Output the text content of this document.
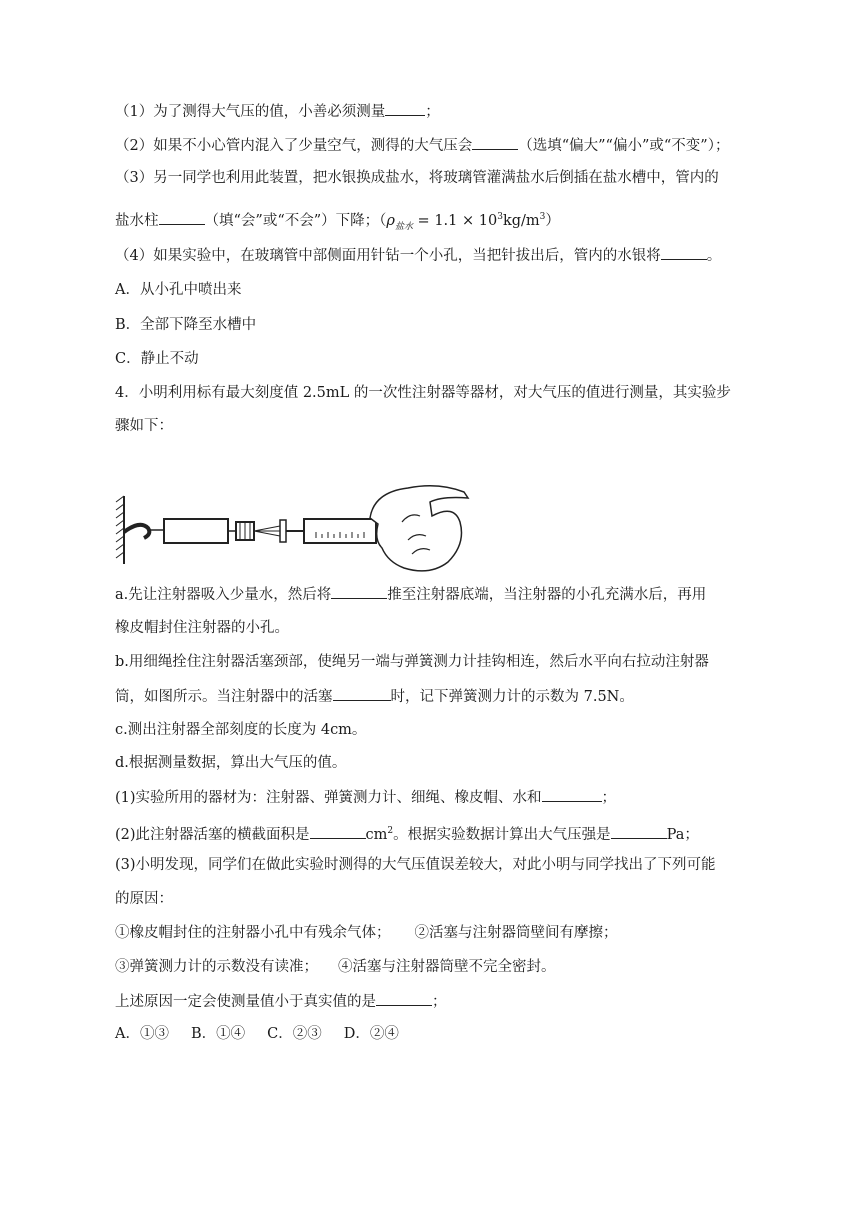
（1）为了测得大气压的值，小善必须测量	；
（2）如果不小心管内混入了少量空气，测得的大气压会	（选填“偏大”“偏小”或“不变”）；
（3）另一同学也利用此装置，把水银换成盐水，将玻璃管灌满盐水后倒插在盐水槽中，管内的
盐水柱	（填“会”或“不会”）下降；$(\rho_{盐水} = 1.1 \times 10^3kg/m^3)$
（4）如果实验中，在玻璃管中部侧面用针钻一个小孔，当把针拔出后，管内的水银将	。
A．从小孔中喷出来
B．全部下降至水槽中
C．静止不动
4．小明利用标有最大刻度值 2.5mL 的一次性注射器等器材，对大气压的值进行测量，其实验步
骤如下：
a.先让注射器吸入少量水，然后将	推至注射器底端，当注射器的小孔充满水后，再用
橡皮帽封住注射器的小孔。
b.用细绳拴住注射器活塞颈部，使绳另一端与弹簧测力计挂钩相连，然后水平向右拉动注射器
筒，如图所示。当注射器中的活塞	时，记下弹簧测力计的示数为 7.5N。
c.测出注射器全部刻度的长度为 4cm。
d.根据测量数据，算出大气压的值。
(1)实验所用的器材为：注射器、弹簧测力计、细绳、橡皮帽、水和	；
(2)此注射器活塞的横截面积是	$cm^2$。根据实验数据计算出大气压强是	Pa；
(3)小明发现，同学们在做此实验时测得的大气压值误差较大，对此小明与同学找出了下列可能
的原因：
①橡皮帽封住的注射器小孔中有残余气体； ②活塞与注射器筒壁间有摩擦；
③弹簧测力计的示数没有读准； ④活塞与注射器筒壁不完全密封。
上述原因一定会使测量值小于真实值的是	；
A．①③ B．①④ C．②③ D．②④
